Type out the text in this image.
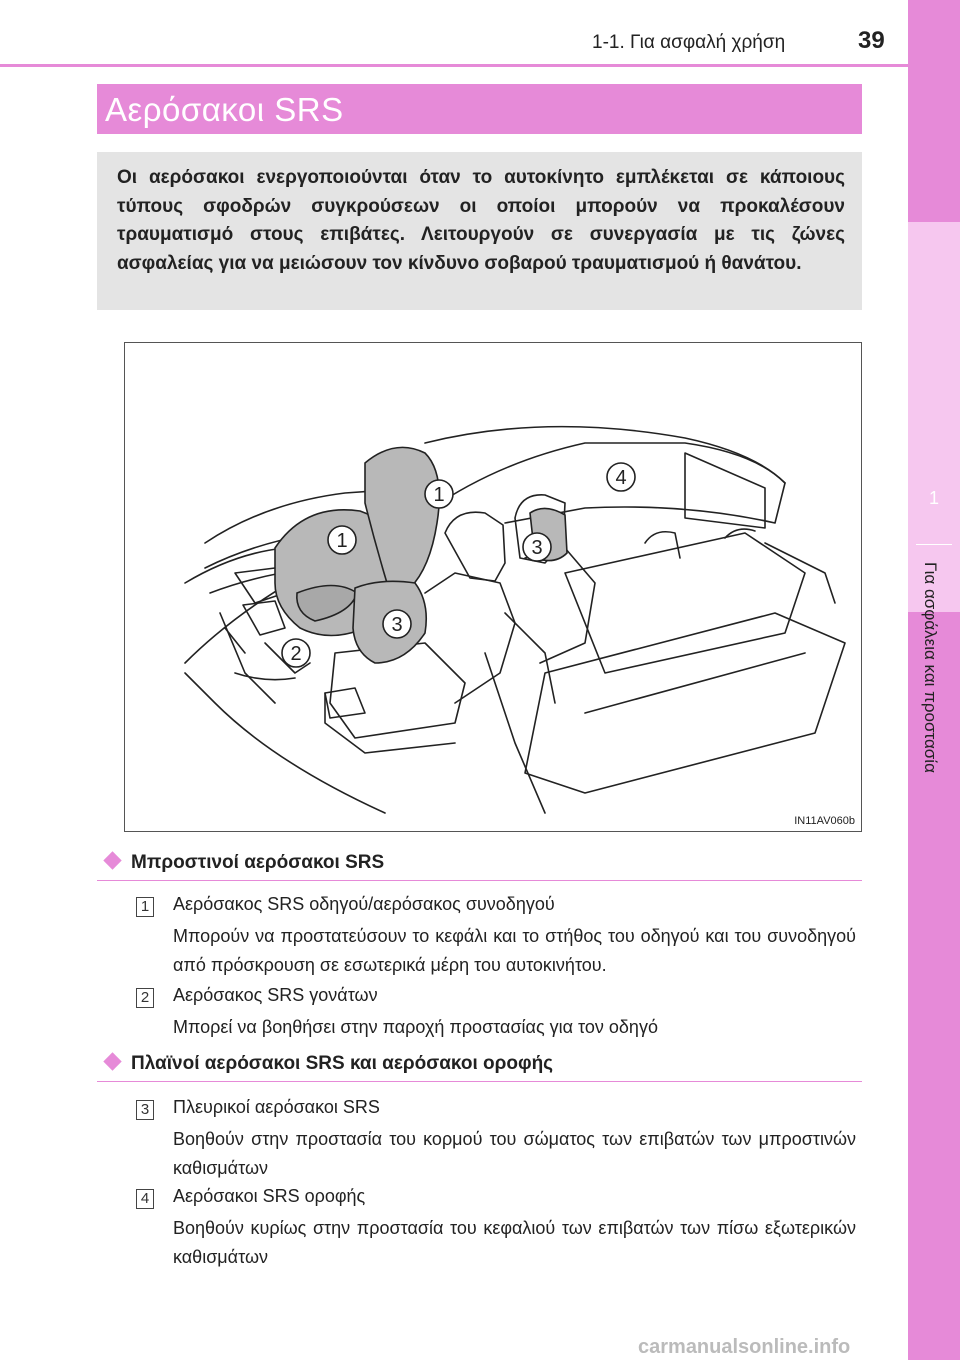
1-1. Για ασφαλή χρήση	39
1
Για ασφάλεια και προστασία
Αερόσακοι SRS
Οι αερόσακοι ενεργοποιούνται όταν το αυτοκίνητο εμπλέκεται σε κάποιους τύπους σφοδρών συγκρούσεων οι οποίοι μπορούν να προκαλέσουν τραυματισμό στους επιβάτες. Λειτουργούν σε συνεργασία με τις ζώνες ασφαλείας για να μειώσουν τον κίνδυνο σοβαρού τραυματισμού ή θανάτου.
1
1
2
3
3
4
IN11AV060b
Μπροστινοί αερόσακοι SRS
1 Αερόσακος SRS οδηγού/αερόσακος συνοδηγού
Μπορούν να προστατεύσουν το κεφάλι και το στήθος του οδηγού και του συνοδηγού από πρόσκρουση σε εσωτερικά μέρη του αυτοκινήτου.
2 Αερόσακος SRS γονάτων
Μπορεί να βοηθήσει στην παροχή προστασίας για τον οδηγό
Πλαϊνοί αερόσακοι SRS και αερόσακοι οροφής
3 Πλευρικοί αερόσακοι SRS
Βοηθούν στην προστασία του κορμού του σώματος των επιβατών των μπροστινών καθισμάτων
4 Αερόσακοι SRS οροφής
Βοηθούν κυρίως στην προστασία του κεφαλιού των επιβατών των πίσω εξωτερικών καθισμάτων
carmanualsonline.info
